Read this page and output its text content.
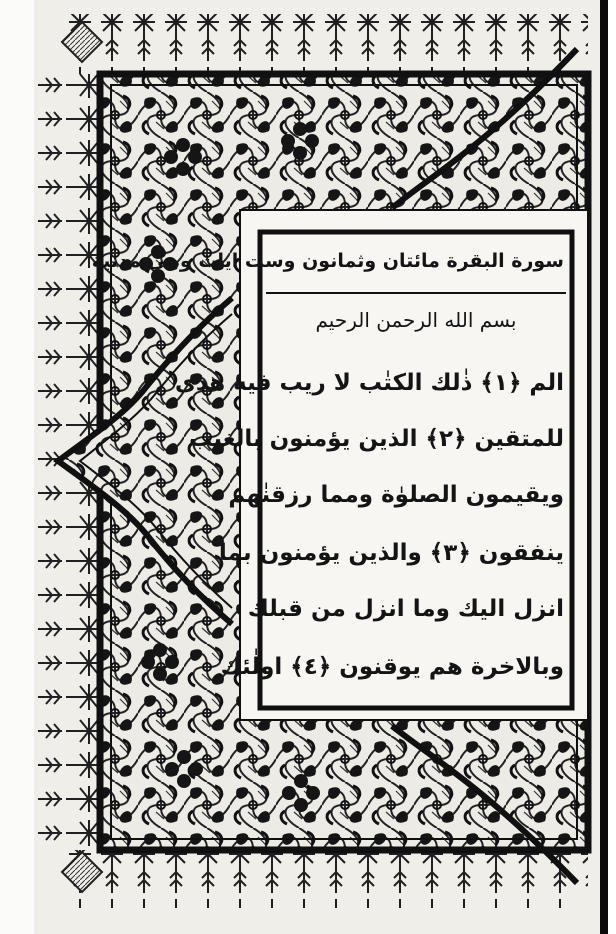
سورة البقرة مائتان وثمانون وست ايات وهي مدنية
بسم الله الرحمن الرحيم
الم ﴿١﴾ ذٰلك الكتٰب لا ريب فيه هدى
للمتقين ﴿٢﴾ الذين يؤمنون بالغيب
ويقيمون الصلوٰة ومما رزقنٰهم
ينفقون ﴿٣﴾ والذين يؤمنون بما
انزل اليك وما انزل من قبلك
وبالاخرة هم يوقنون ﴿٤﴾ اولٰئك
